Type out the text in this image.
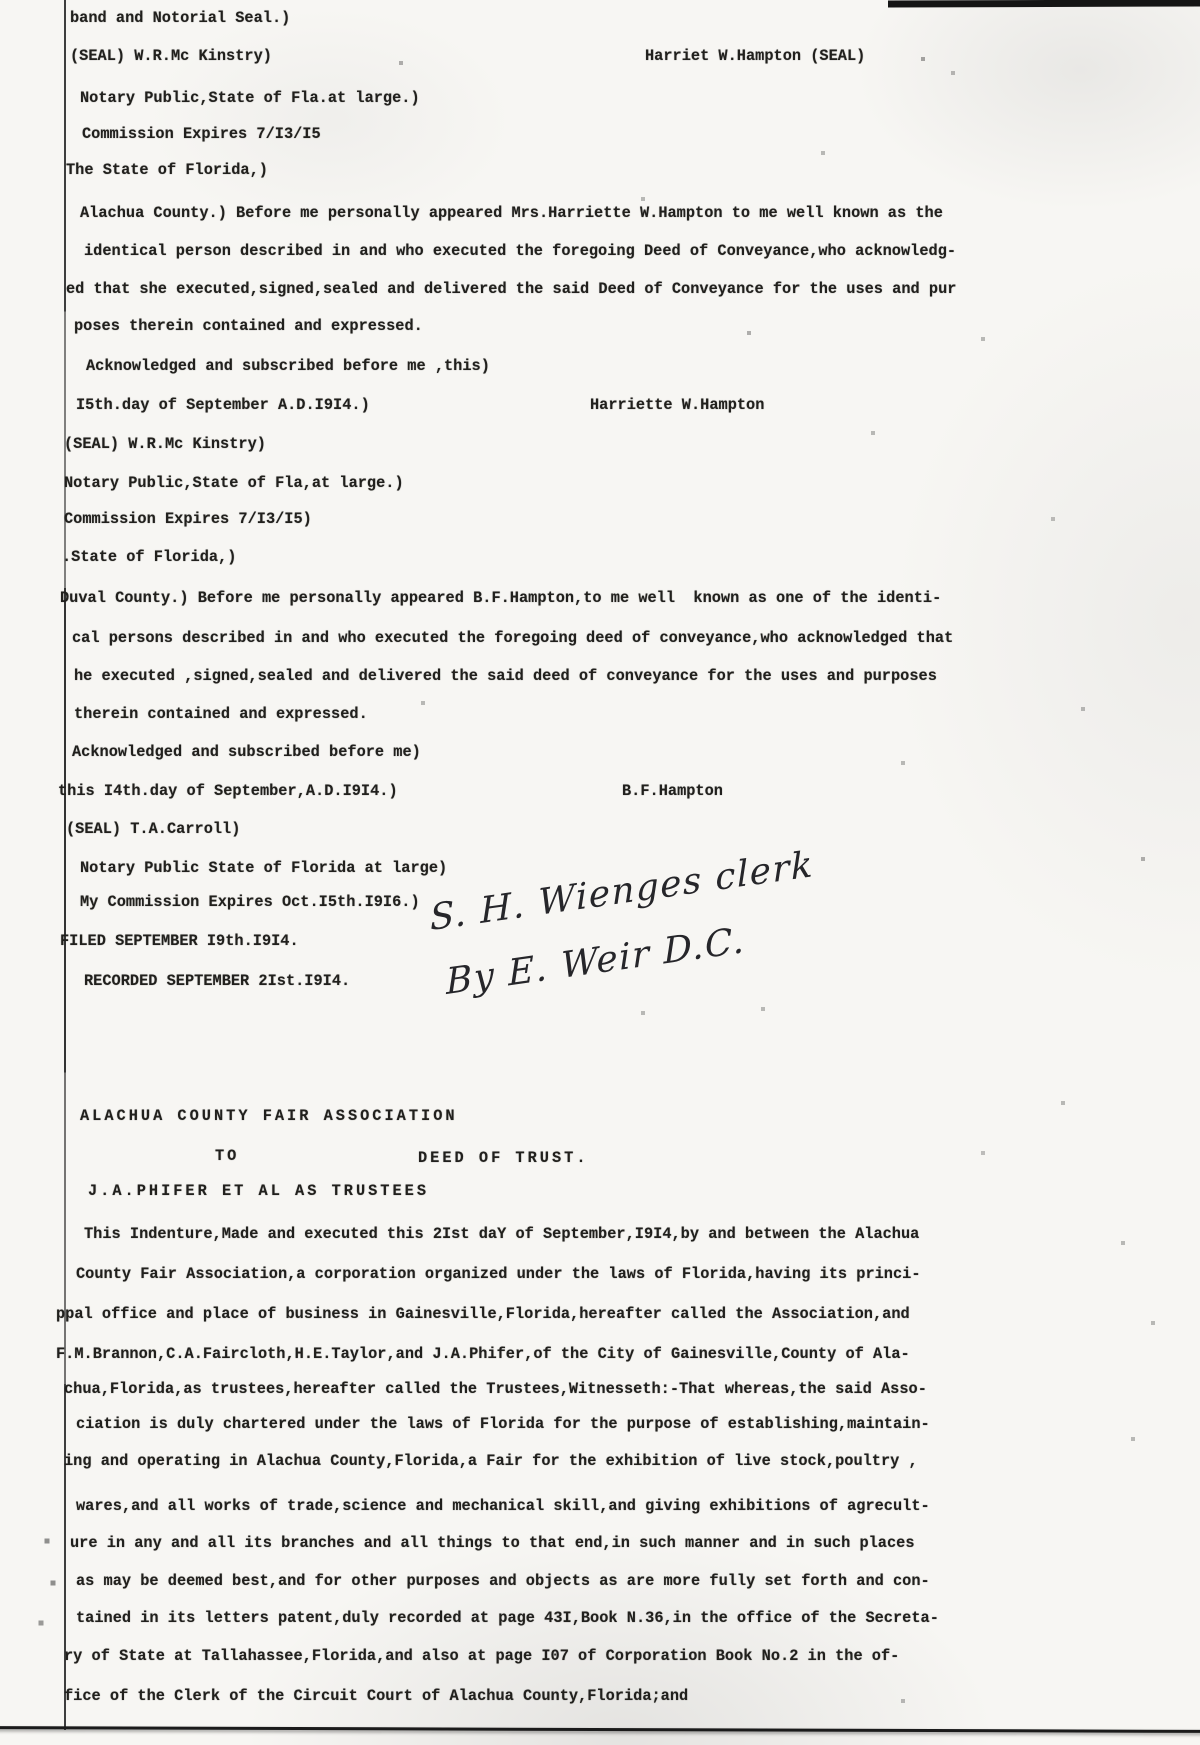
band and Notorial Seal.)
(SEAL) W.R.Mc Kinstry)	Harriet W.Hampton (SEAL)
Notary Public,State of Fla.at large.)
Commission Expires 7/I3/I5
The State of Florida,)
Alachua County.) Before me personally appeared Mrs.Harriette W.Hampton to me well known as the
identical person described in and who executed the foregoing Deed of Conveyance,who acknowledg-
ed that she executed,signed,sealed and delivered the said Deed of Conveyance for the uses and pur
poses therein contained and expressed.
Acknowledged and subscribed before me ,this)
I5th.day of September A.D.I9I4.)	Harriette W.Hampton
(SEAL) W.R.Mc Kinstry)
Notary Public,State of Fla,at large.)
Commission Expires 7/I3/I5)
.State of Florida,)
Duval County.) Before me personally appeared B.F.Hampton,to me well  known as one of the identi-
cal persons described in and who executed the foregoing deed of conveyance,who acknowledged that
he executed ,signed,sealed and delivered the said deed of conveyance for the uses and purposes
therein contained and expressed.
Acknowledged and subscribed before me)
this I4th.day of September,A.D.I9I4.)	B.F.Hampton
(SEAL) T.A.Carroll)
Notary Public State of Florida at large)
My Commission Expires Oct.I5th.I9I6.)
FILED SEPTEMBER I9th.I9I4.
RECORDED SEPTEMBER 2Ist.I9I4.
ALACHUA COUNTY FAIR ASSOCIATION
TO	DEED OF TRUST.
J.A.PHIFER ET AL AS TRUSTEES
This Indenture,Made and executed this 2Ist daY of September,I9I4,by and between the Alachua
County Fair Association,a corporation organized under the laws of Florida,having its princi-
ppal office and place of business in Gainesville,Florida,hereafter called the Association,and
F.M.Brannon,C.A.Faircloth,H.E.Taylor,and J.A.Phifer,of the City of Gainesville,County of Ala-
chua,Florida,as trustees,hereafter called the Trustees,Witnesseth:-That whereas,the said Asso-
ciation is duly chartered under the laws of Florida for the purpose of establishing,maintain-
ing and operating in Alachua County,Florida,a Fair for the exhibition of live stock,poultry ,
wares,and all works of trade,science and mechanical skill,and giving exhibitions of agrecult-
ure in any and all its branches and all things to that end,in such manner and in such places
as may be deemed best,and for other purposes and objects as are more fully set forth and con-
tained in its letters patent,duly recorded at page 43I,Book N.36,in the office of the Secreta-
ry of State at Tallahassee,Florida,and also at page I07 of Corporation Book No.2 in the of-
fice of the Clerk of the Circuit Court of Alachua County,Florida;and
S. H. Wienges clerk
By E. Weir D.C.
